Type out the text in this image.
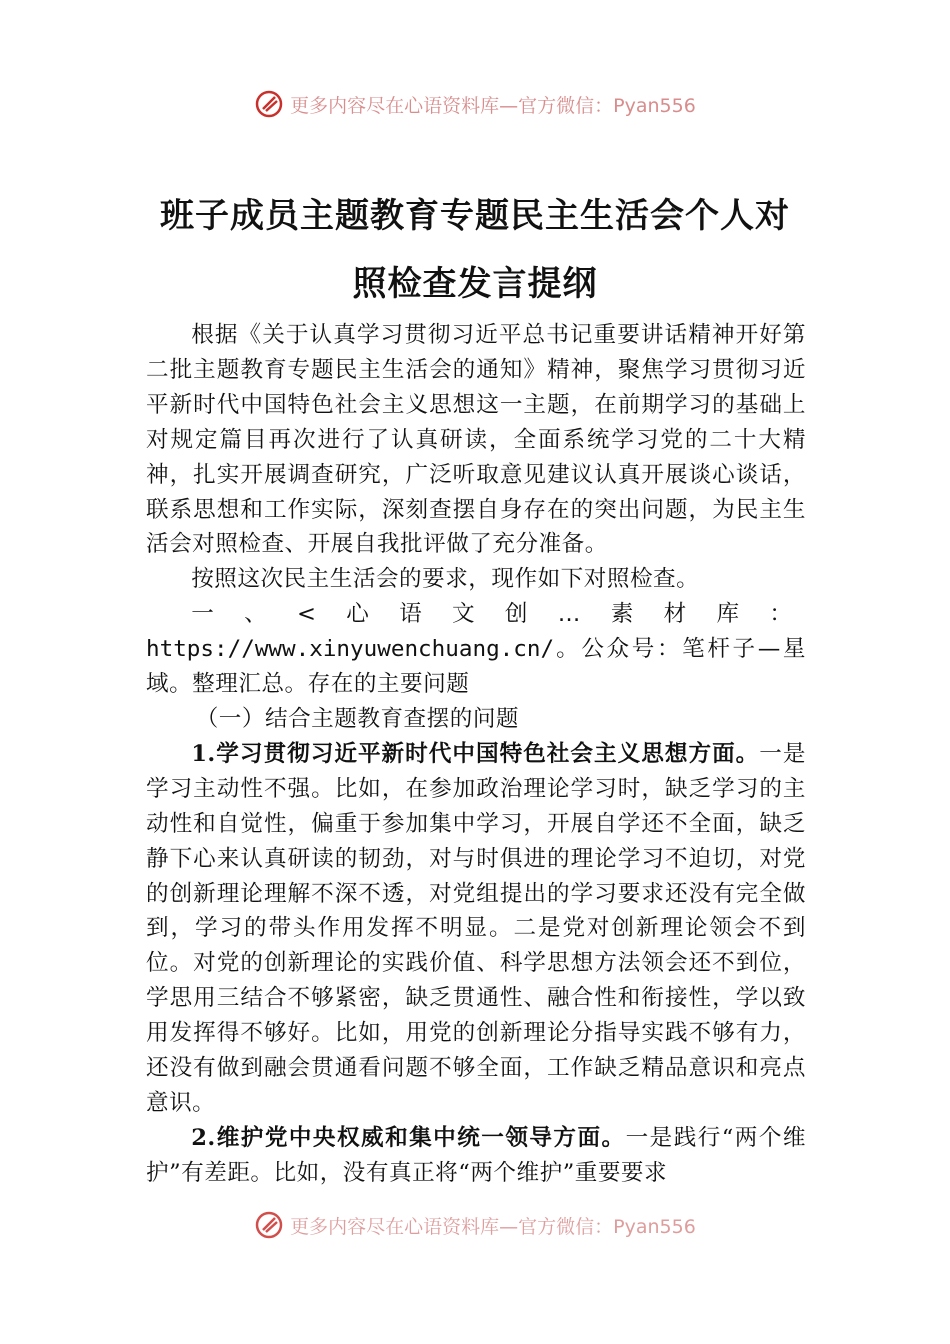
更多内容尽在心语资料库—官方微信：Pyan556
班子成员主题教育专题民主生活会个人对
照检查发言提纲

根据《关于认真学习贯彻习近平总书记重要讲话精神开好第二批主题教育专题民主生活会的通知》精神，聚焦学习贯彻习近平新时代中国特色社会主义思想这一主题，在前期学习的基础上对规定篇目再次进行了认真研读，全面系统学习党的二十大精神，扎实开展调查研究，广泛听取意见建议认真开展谈心谈话，联系思想和工作实际，深刻查摆自身存在的突出问题，为民主生活会对照检查、开展自我批评做了充分准备。

按照这次民主生活会的要求，现作如下对照检查。

一、<心语文创…素材库：https://www.xinyuwenchuang.cn/。公众号：笔杆子—星域。整理汇总。存在的主要问题

（一）结合主题教育查摆的问题

1.学习贯彻习近平新时代中国特色社会主义思想方面。一是学习主动性不强。比如，在参加政治理论学习时，缺乏学习的主动性和自觉性，偏重于参加集中学习，开展自学还不全面，缺乏静下心来认真研读的韧劲，对与时俱进的理论学习不迫切，对党的创新理论理解不深不透，对党组提出的学习要求还没有完全做到，学习的带头作用发挥不明显。二是党对创新理论领会不到位。对党的创新理论的实践价值、科学思想方法领会还不到位，学思用三结合不够紧密，缺乏贯通性、融合性和衔接性，学以致用发挥得不够好。比如，用党的创新理论分指导实践不够有力，还没有做到融会贯通看问题不够全面，工作缺乏精品意识和亮点意识。

2.维护党中央权威和集中统一领导方面。一是践行“两个维护”有差距。比如，没有真正将“两个维护”重要要求

更多内容尽在心语资料库—官方微信：Pyan556
